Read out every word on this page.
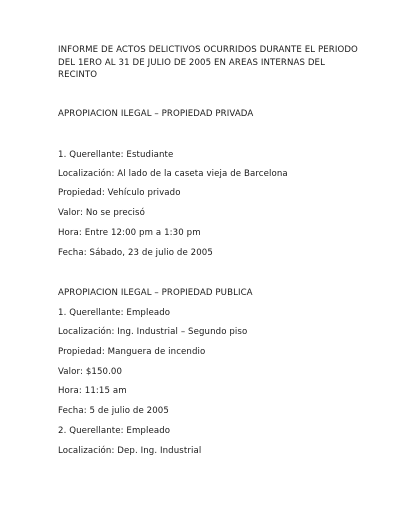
INFORME DE ACTOS DELICTIVOS OCURRIDOS DURANTE EL PERIODO DEL 1ERO AL 31 DE JULIO DE 2005 EN AREAS INTERNAS DEL RECINTO
APROPIACION ILEGAL – PROPIEDAD PRIVADA
1. Querellante: Estudiante
Localización: Al lado de la caseta vieja de Barcelona
Propiedad: Vehículo privado
Valor: No se precisó
Hora: Entre 12:00 pm a 1:30 pm
Fecha: Sábado, 23 de julio de 2005
APROPIACION ILEGAL – PROPIEDAD PUBLICA
1. Querellante: Empleado
Localización: Ing. Industrial – Segundo piso
Propiedad: Manguera de incendio
Valor: $150.00
Hora: 11:15 am
Fecha: 5 de julio de 2005
2. Querellante: Empleado
Localización: Dep. Ing. Industrial
